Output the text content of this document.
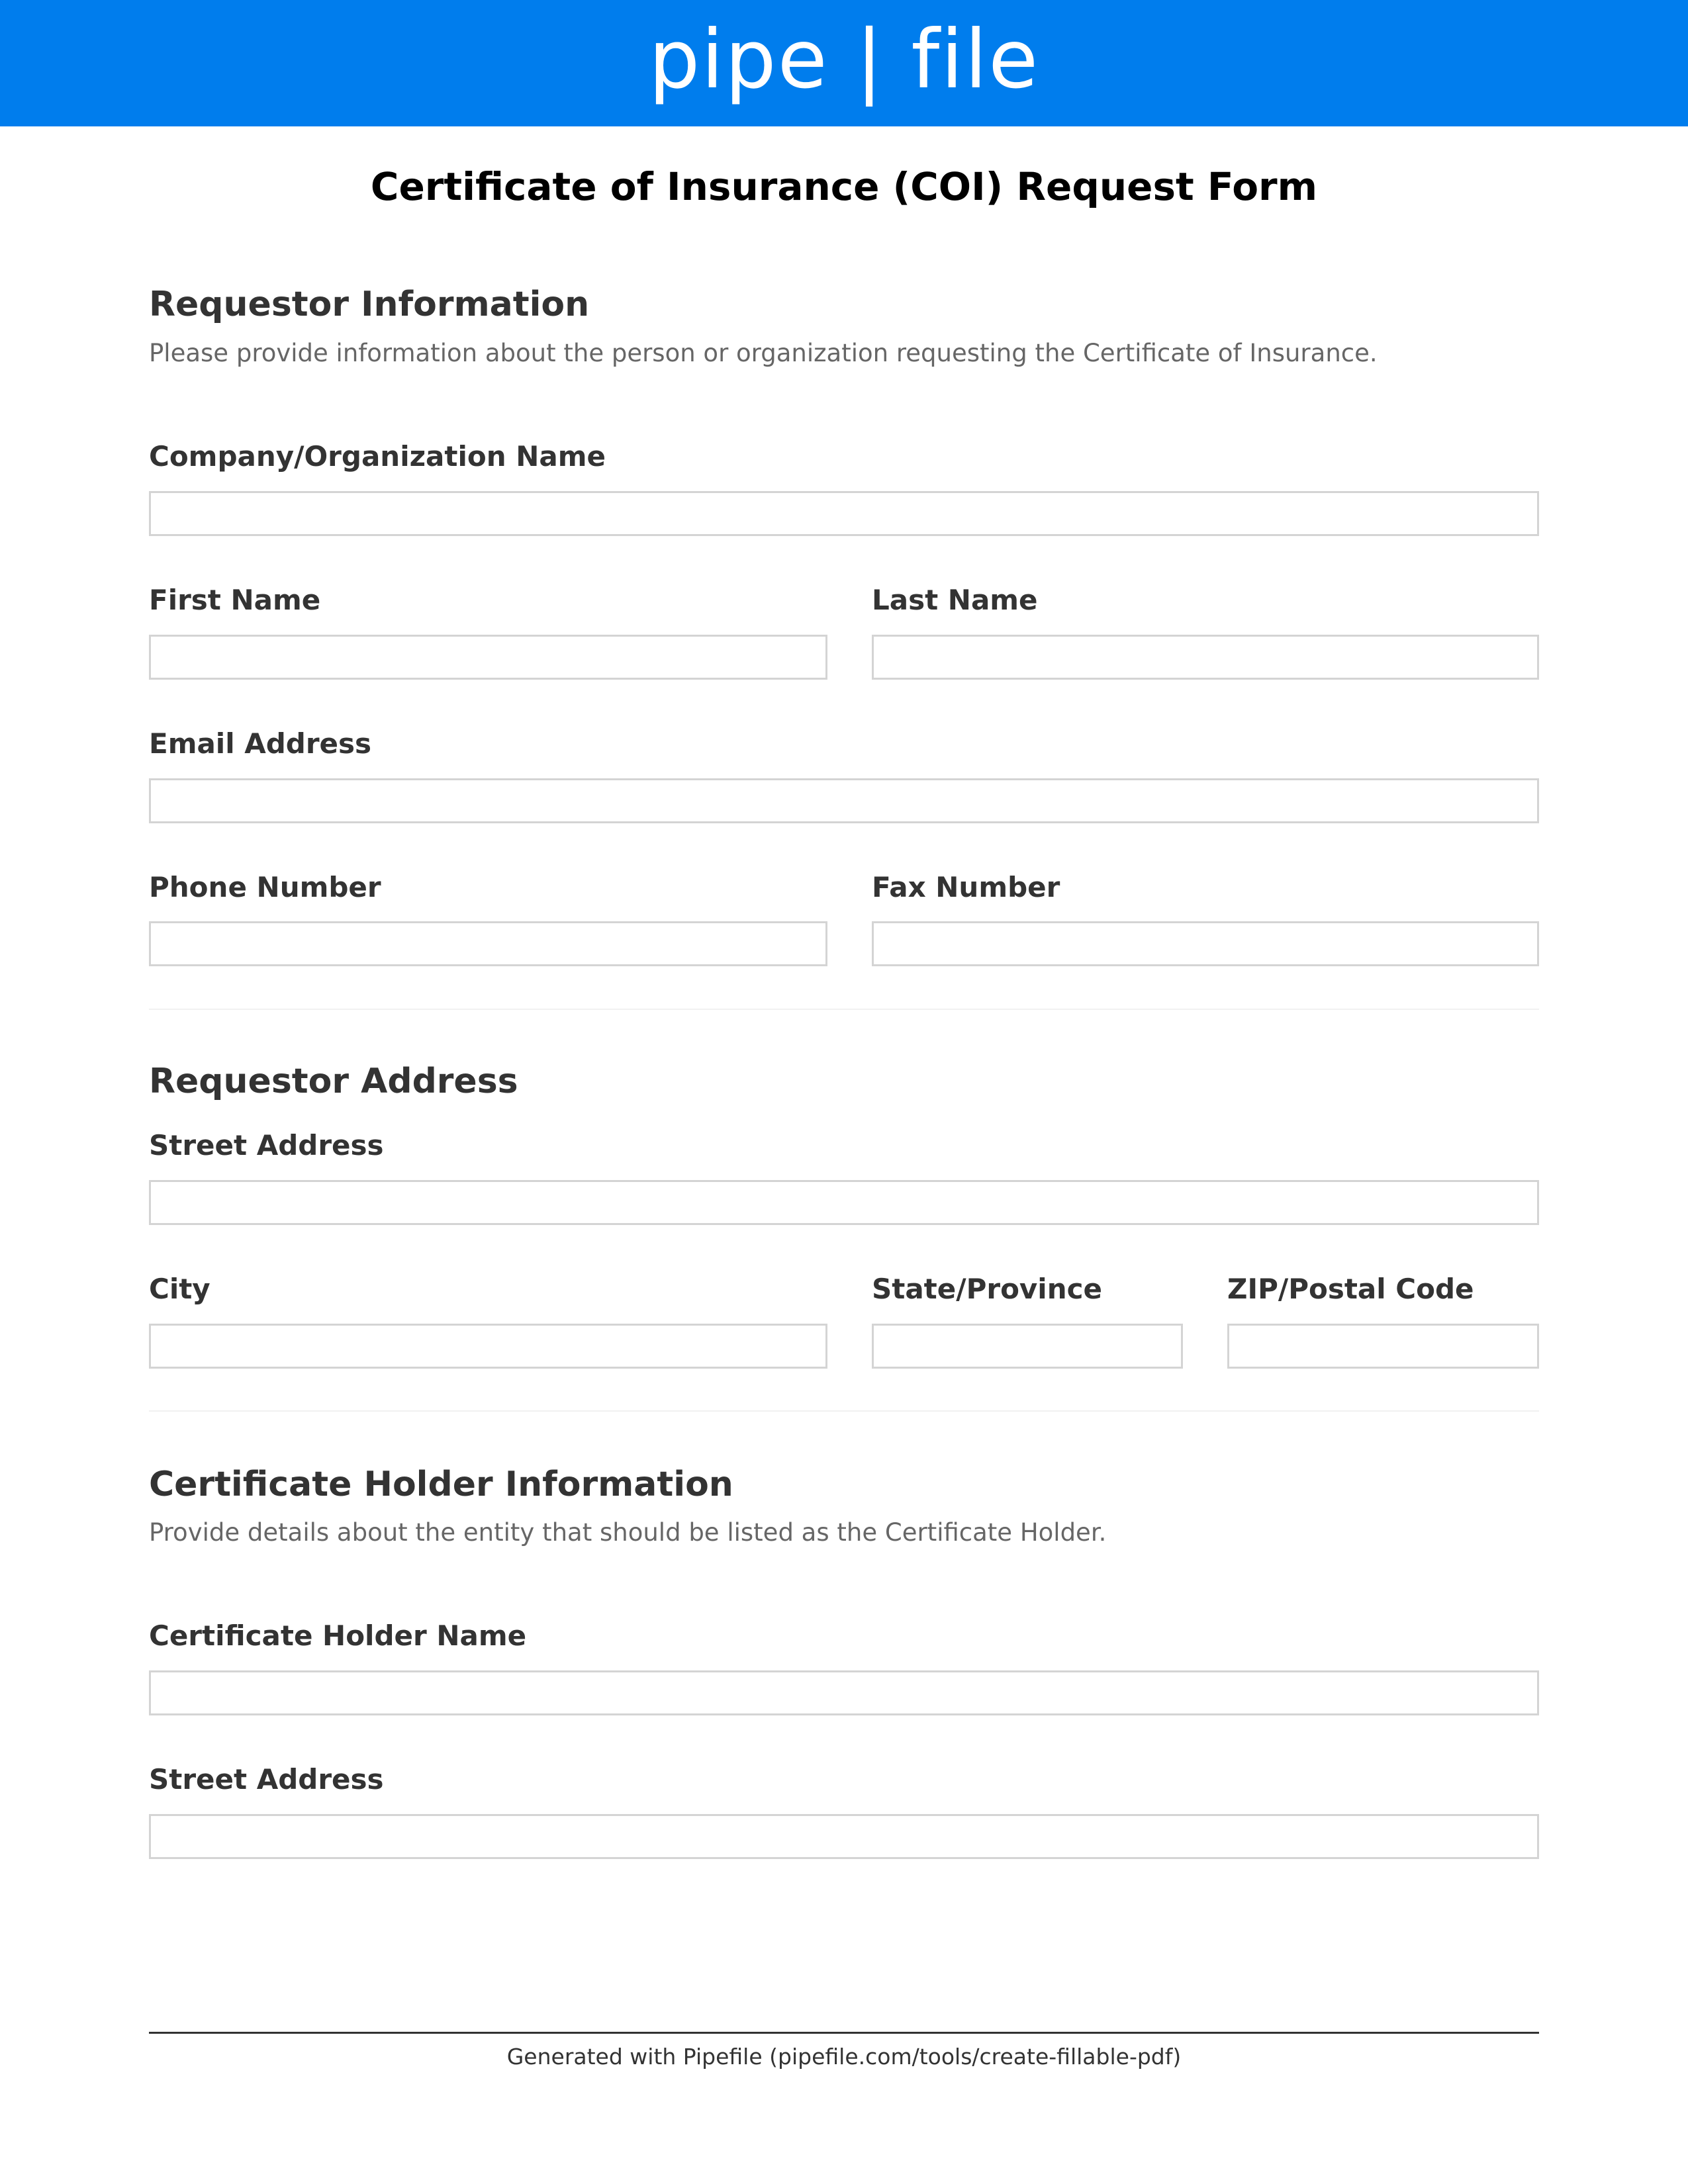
pipe | file
Certificate of Insurance (COI) Request Form
Requestor Information
Please provide information about the person or organization requesting the Certificate of Insurance.
Company/Organization Name
First Name	Last Name
Email Address
Phone Number	Fax Number
Requestor Address
Street Address
City	State/Province	ZIP/Postal Code
Certificate Holder Information
Provide details about the entity that should be listed as the Certificate Holder.
Certificate Holder Name
Street Address
Generated with Pipefile (pipefile.com/tools/create-fillable-pdf)
